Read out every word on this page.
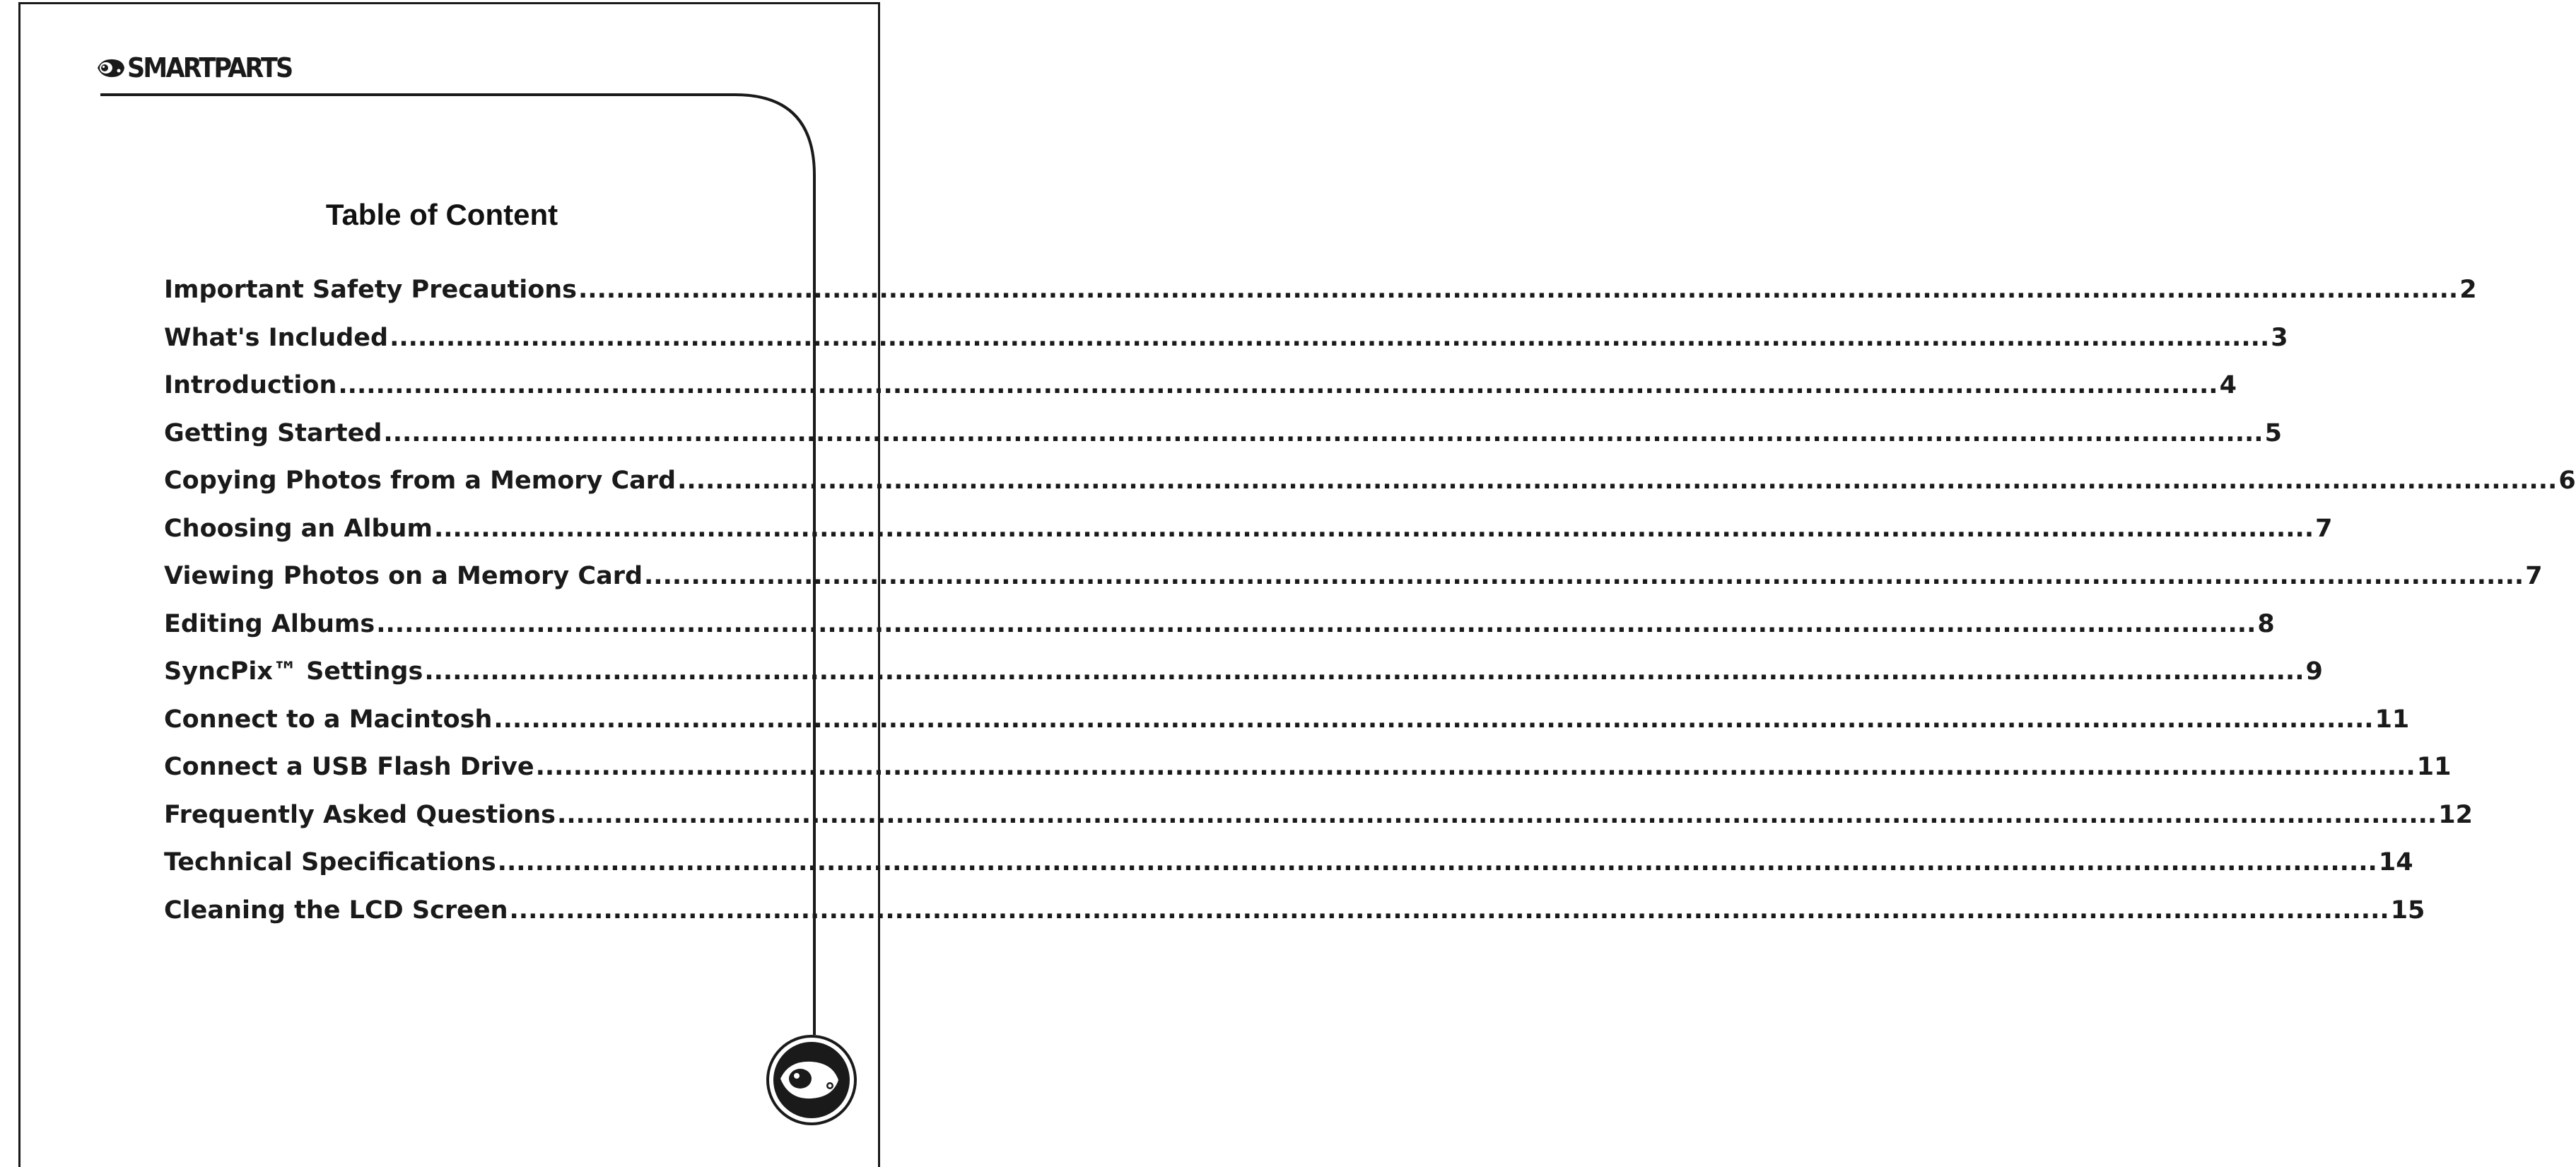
SMARTPARTS
Table of Content
Important Safety Precautions ........................................................................................................................................................................................................ 2
What's Included ........................................................................................................................................................................................................ 3
Introduction ........................................................................................................................................................................................................ 4
Getting Started ........................................................................................................................................................................................................ 5
Copying Photos from a Memory Card ........................................................................................................................................................................................................ 6
Choosing an Album ........................................................................................................................................................................................................ 7
Viewing Photos on a Memory Card ........................................................................................................................................................................................................ 7
Editing Albums ........................................................................................................................................................................................................ 8
SyncPix™ Settings ........................................................................................................................................................................................................ 9
Connect to a Macintosh ........................................................................................................................................................................................................ 11
Connect a USB Flash Drive ........................................................................................................................................................................................................ 11
Frequently Asked Questions ........................................................................................................................................................................................................ 12
Technical Specifications ........................................................................................................................................................................................................ 14
Cleaning the LCD Screen ........................................................................................................................................................................................................ 15
